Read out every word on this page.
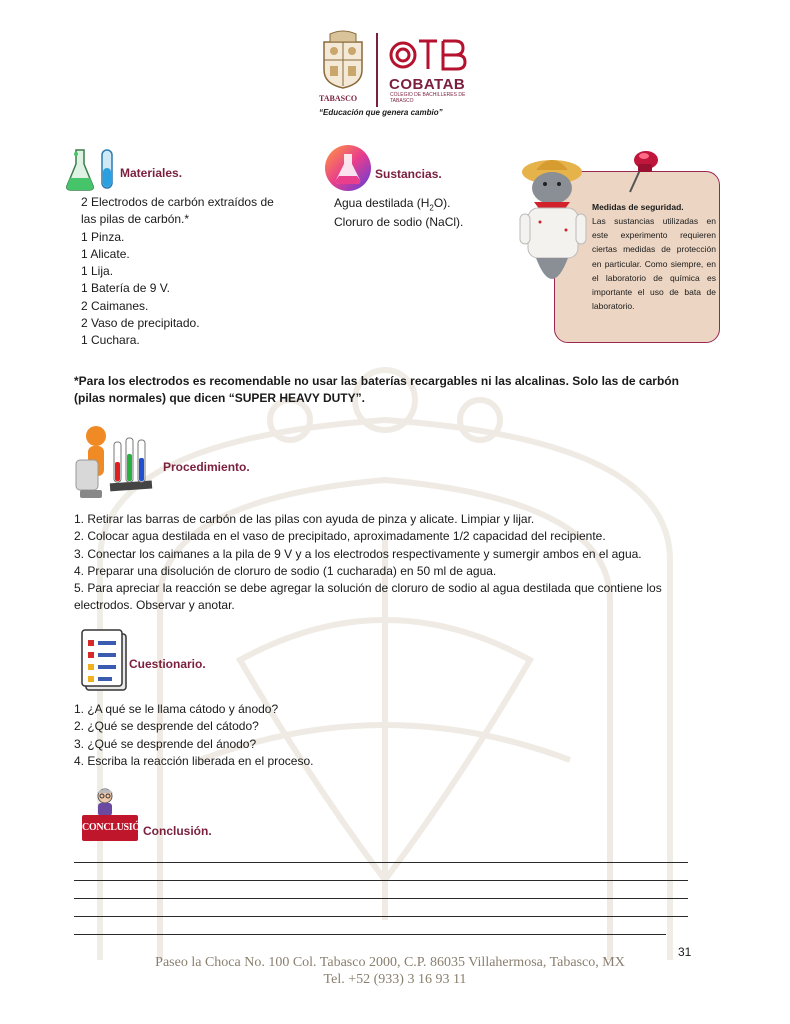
TABASCO
COBATAB
COLEGIO DE BACHILLERES DE TABASCO
“Educación que genera cambio”
Materiales.
2 Electrodos de carbón extraídos de
las pilas de carbón.*
1 Pinza.
1 Alicate.
1 Lija.
1 Batería de 9 V.
2 Caimanes.
2 Vaso de precipitado.
1 Cuchara.
Sustancias.
Agua destilada $(H_2O)$.
Cloruro de sodio (NaCl).
Medidas de seguridad.
Las sustancias utilizadas en este experimento requieren ciertas medidas de protección en particular. Como siempre, en el laboratorio de química es importante el uso de bata de laboratorio.
*Para los electrodos es recomendable no usar las baterías recargables ni las alcalinas. Solo las de carbón (pilas normales) que dicen “SUPER HEAVY DUTY”.
Procedimiento.
1. Retirar las barras de carbón de las pilas con ayuda de pinza y alicate. Limpiar y lijar.
2. Colocar agua destilada en el vaso de precipitado, aproximadamente 1/2 capacidad del recipiente.
3. Conectar los caimanes a la pila de 9 V y a los electrodos respectivamente y sumergir ambos en el agua.
4. Preparar una disolución de cloruro de sodio (1 cucharada) en 50 ml de agua.
5. Para apreciar la reacción se debe agregar la solución de cloruro de sodio al agua destilada que contiene los electrodos. Observar y anotar.
Cuestionario.
1. ¿A qué se le llama cátodo y ánodo?
2. ¿Qué se desprende del cátodo?
3. ¿Qué se desprende del ánodo?
4. Escriba la reacción liberada en el proceso.
CONCLUSIÓN
Conclusión.
31
Paseo la Choca No. 100 Col. Tabasco 2000, C.P. 86035 Villahermosa, Tabasco, MX
Tel. +52 (933) 3 16 93 11
